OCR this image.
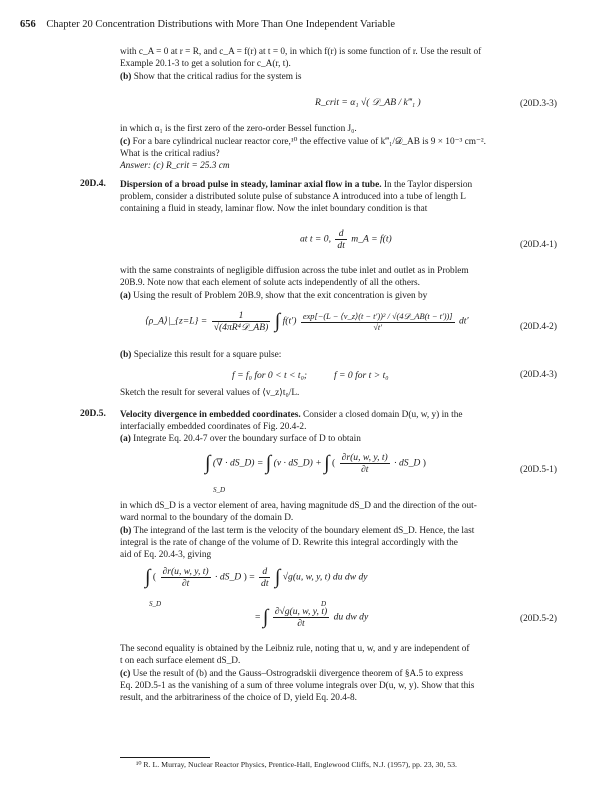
656 Chapter 20 Concentration Distributions with More Than One Independent Variable
with c_A = 0 at r = R, and c_A = f(r) at t = 0, in which f(r) is some function of r. Use the result of
Example 20.1-3 to get a solution for c_A(r, t).
(b) Show that the critical radius for the system is
R_crit = α₁ √( 𝒟_AB / k‴₁ )	(20D.3-3)
in which α₁ is the first zero of the zero-order Bessel function J₀.
(c) For a bare cylindrical nuclear reactor core,¹⁰ the effective value of k‴₁/𝒟_AB is 9 × 10⁻³ cm⁻².
What is the critical radius?
Answer: (c) R_crit = 25.3 cm
20D.4. Dispersion of a broad pulse in steady, laminar axial flow in a tube. In the Taylor dispersion
problem, consider a distributed solute pulse of substance A introduced into a tube of length L
containing a fluid in steady, laminar flow. Now the inlet boundary condition is that
at t = 0, $\frac{d}{dt}$ m_A = f(t)
(20D.4-1)
with the same constraints of negligible diffusion across the tube inlet and outlet as in Problem
20B.9. Note now that each element of solute acts independently of all the others.
(a) Using the result of Problem 20B.9, show that the exit concentration is given by
⟨ρ_A⟩|_{z=L} = $\frac{1}{\text{√(4πR⁴𝒟\_AB)}}$ ∫ $f(t') \frac{\text{exp[−(L − ⟨v\_z⟩(t − t′))² / √(4𝒟\_AB(t − t′))]}}{√t'} dt'$
(20D.4-2)
(b) Specialize this result for a square pulse:
f = f₀ for 0 < t < t₀;	f = 0 for t > t₀	(20D.4-3)
Sketch the result for several values of ⟨v_z⟩t₀/L.
20D.5. Velocity divergence in embedded coordinates. Consider a closed domain D(u, w, y) in the
interfacially embedded coordinates of Fig. 20.4-2.
(a) Integrate Eq. 20.4-7 over the boundary surface of D to obtain
∫ (∇ · dS_D) = ∫ (v · dS_D) + ∫ ( $\frac{\partial r(u, w, y, t)}{\partial t}$ · dS_D )
S_D
(20D.5-1)
in which dS_D is a vector element of area, having magnitude dS_D and the direction of the out-
ward normal to the boundary of the domain D.
(b) The integrand of the last term is the velocity of the boundary element dS_D. Hence, the last
integral is the rate of change of the volume of D. Rewrite this integral accordingly with the
aid of Eq. 20.4-3, giving
∫ ( $\frac{\partial r(u, w, y, t)}{\partial t}$ · dS_D ) = $\frac{d}{dt}$ ∫ √g(u, w, y, t) du dw dy
S_D	D
= ∫ $\frac{\partial√g(u, w, y, t)}{\partial t}$ du dw dy	(20D.5-2)
The second equality is obtained by the Leibniz rule, noting that u, w, and y are independent of
t on each surface element dS_D.
(c) Use the result of (b) and the Gauss–Ostrogradskii divergence theorem of §A.5 to express
Eq. 20D.5-1 as the vanishing of a sum of three volume integrals over D(u, w, y). Show that this
result, and the arbitrariness of the choice of D, yield Eq. 20.4-8.
¹⁰ R. L. Murray, Nuclear Reactor Physics, Prentice-Hall, Englewood Cliffs, N.J. (1957), pp. 23, 30, 53.
